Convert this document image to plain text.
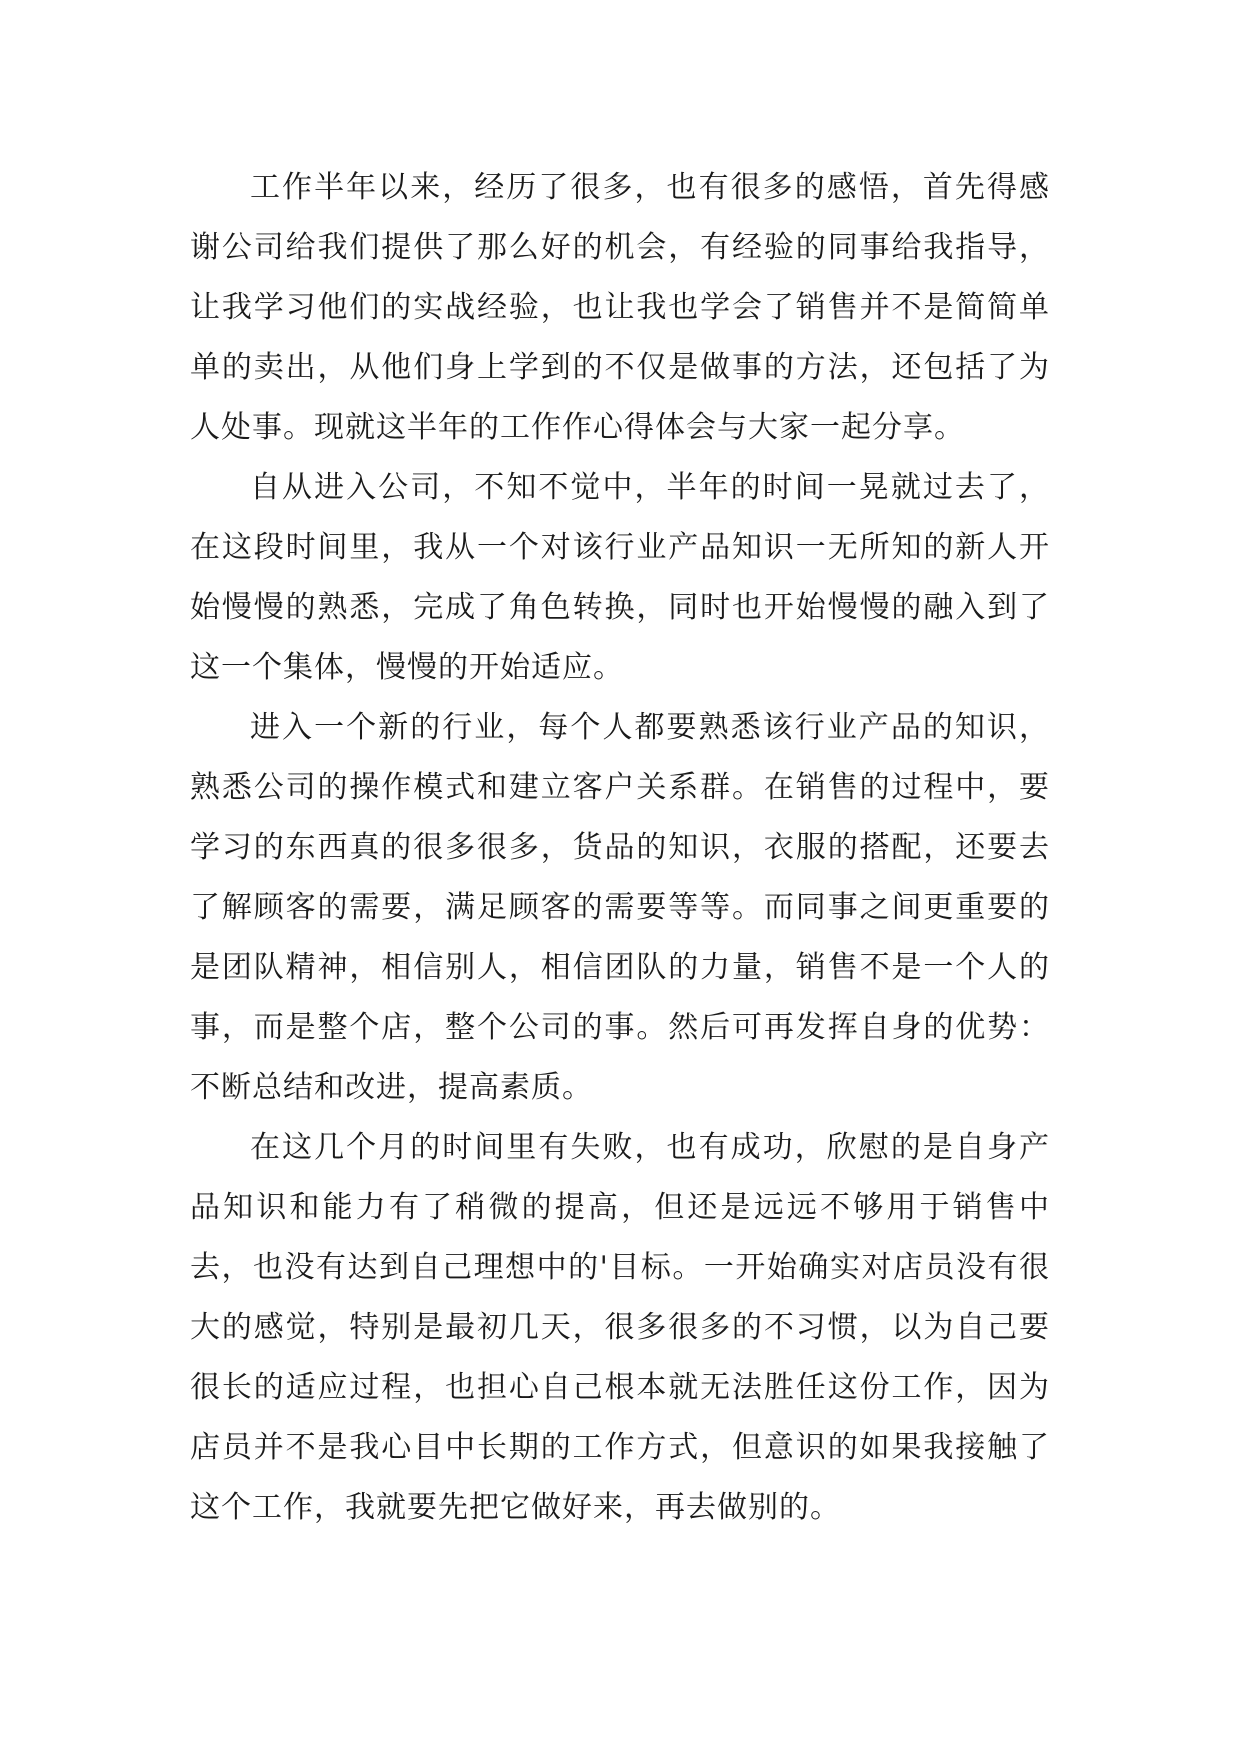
工作半年以来，经历了很多，也有很多的感悟，首先得感谢公司给我们提供了那么好的机会，有经验的同事给我指导，让我学习他们的实战经验，也让我也学会了销售并不是简简单单的卖出，从他们身上学到的不仅是做事的方法，还包括了为人处事。现就这半年的工作作心得体会与大家一起分享。

自从进入公司，不知不觉中，半年的时间一晃就过去了，在这段时间里，我从一个对该行业产品知识一无所知的新人开始慢慢的熟悉，完成了角色转换，同时也开始慢慢的融入到了这一个集体，慢慢的开始适应。

进入一个新的行业，每个人都要熟悉该行业产品的知识，熟悉公司的操作模式和建立客户关系群。在销售的过程中，要学习的东西真的很多很多，货品的知识，衣服的搭配，还要去了解顾客的需要，满足顾客的需要等等。而同事之间更重要的是团队精神，相信别人，相信团队的力量，销售不是一个人的事，而是整个店，整个公司的事。然后可再发挥自身的优势：不断总结和改进，提高素质。

在这几个月的时间里有失败，也有成功，欣慰的是自身产品知识和能力有了稍微的提高，但还是远远不够用于销售中去，也没有达到自己理想中的'目标。一开始确实对店员没有很大的感觉，特别是最初几天，很多很多的不习惯，以为自己要很长的适应过程，也担心自己根本就无法胜任这份工作，因为店员并不是我心目中长期的工作方式，但意识的如果我接触了这个工作，我就要先把它做好来，再去做别的。
